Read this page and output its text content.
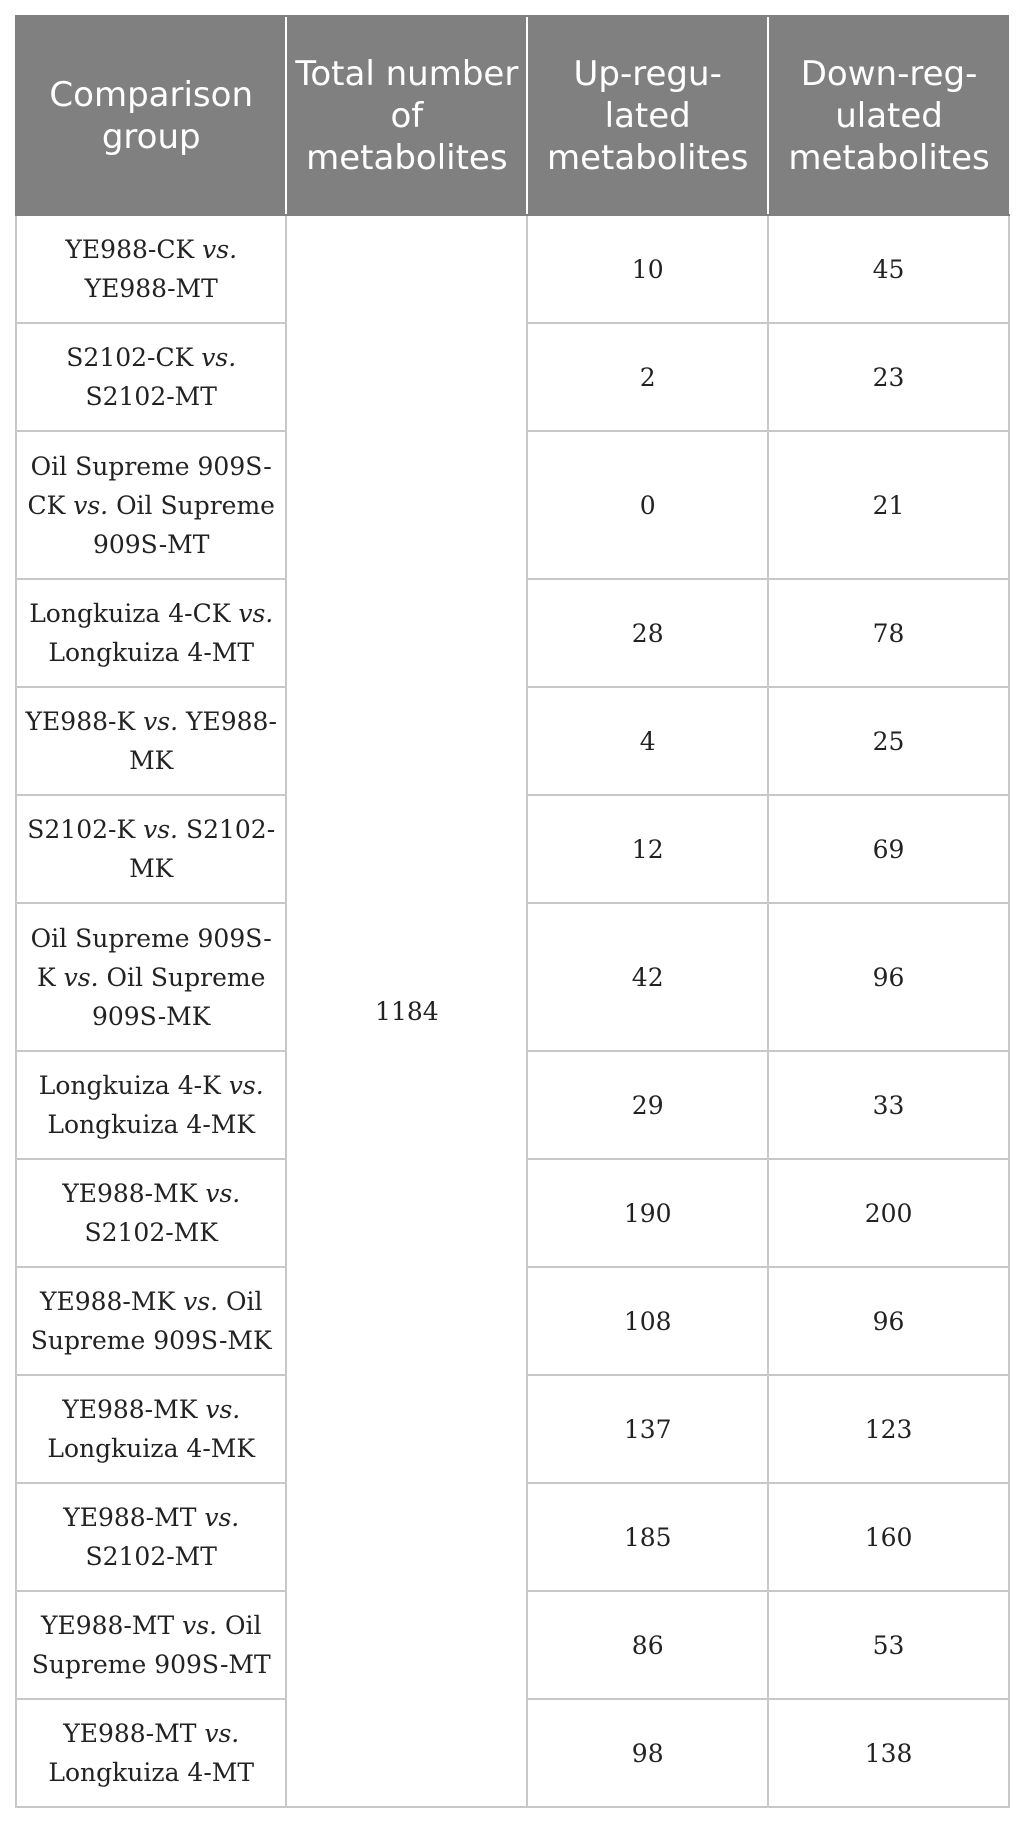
Comparison group	Total number of metabolites	Up-regu-lated metabolites	Down-reg-ulated metabolites
YE988-CK vs. YE988-MT	1184	10	45
S2102-CK vs. S2102-MT		2	23
Oil Supreme 909S-CK vs. Oil Supreme 909S-MT		0	21
Longkuiza 4-CK vs. Longkuiza 4-MT		28	78
YE988-K vs. YE988-MK		4	25
S2102-K vs. S2102-MK		12	69
Oil Supreme 909S-K vs. Oil Supreme 909S-MK		42	96
Longkuiza 4-K vs. Longkuiza 4-MK		29	33
YE988-MK vs. S2102-MK		190	200
YE988-MK vs. Oil Supreme 909S-MK		108	96
YE988-MK vs. Longkuiza 4-MK		137	123
YE988-MT vs. S2102-MT		185	160
YE988-MT vs. Oil Supreme 909S-MT		86	53
YE988-MT vs. Longkuiza 4-MT		98	138
